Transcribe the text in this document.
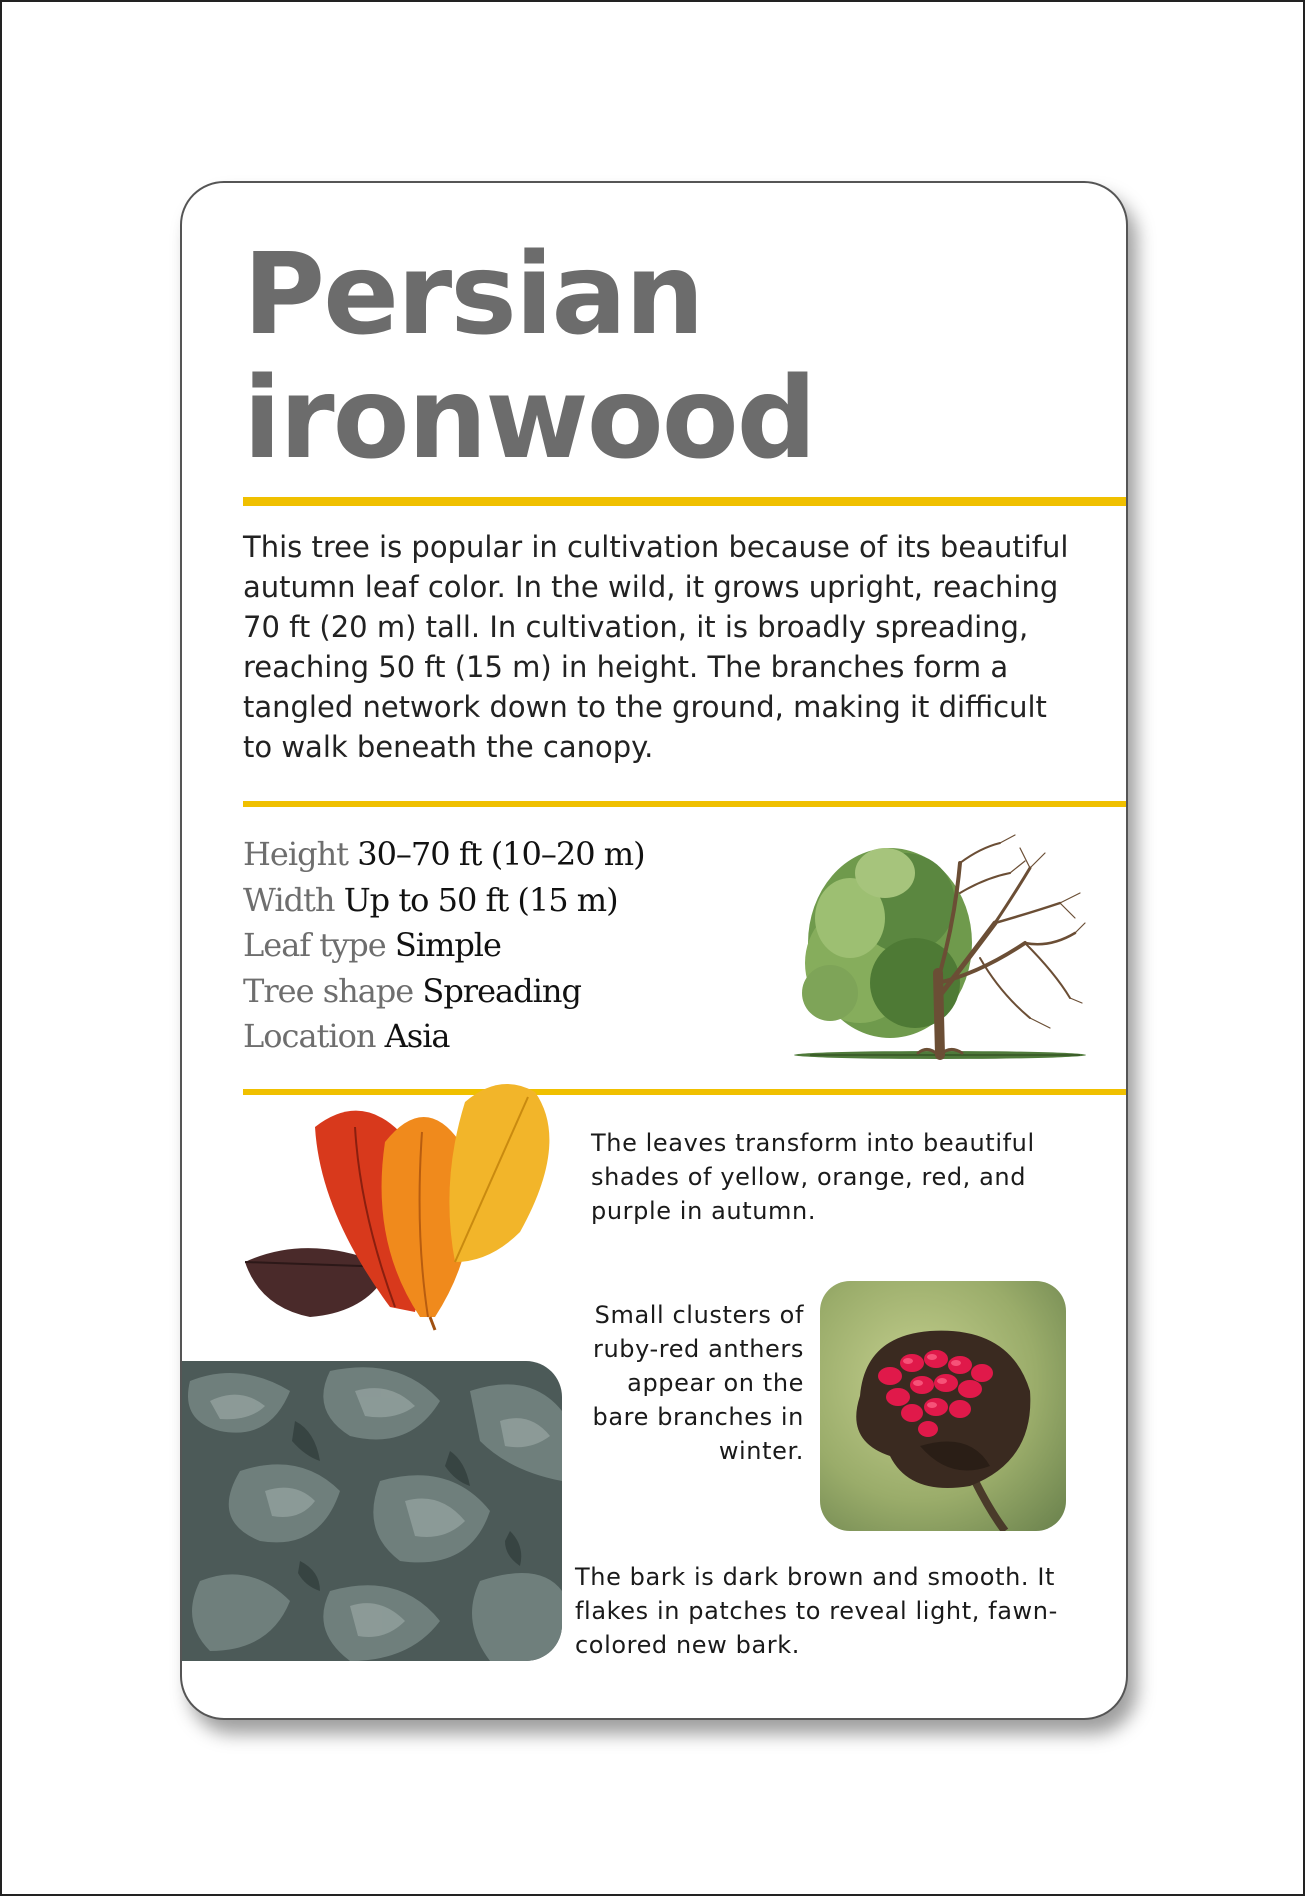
Persian
ironwood

This tree is popular in cultivation because of its beautiful autumn leaf color. In the wild, it grows upright, reaching 70 ft (20 m) tall. In cultivation, it is broadly spreading, reaching 50 ft (15 m) in height. The branches form a tangled network down to the ground, making it difficult to walk beneath the canopy.

Height 30–70 ft (10–20 m)
Width Up to 50 ft (15 m)
Leaf type Simple
Tree shape Spreading
Location Asia

The leaves transform into beautiful shades of yellow, orange, red, and purple in autumn.

Small clusters of ruby-red anthers appear on the bare branches in winter.

The bark is dark brown and smooth. It flakes in patches to reveal light, fawn-colored new bark.
